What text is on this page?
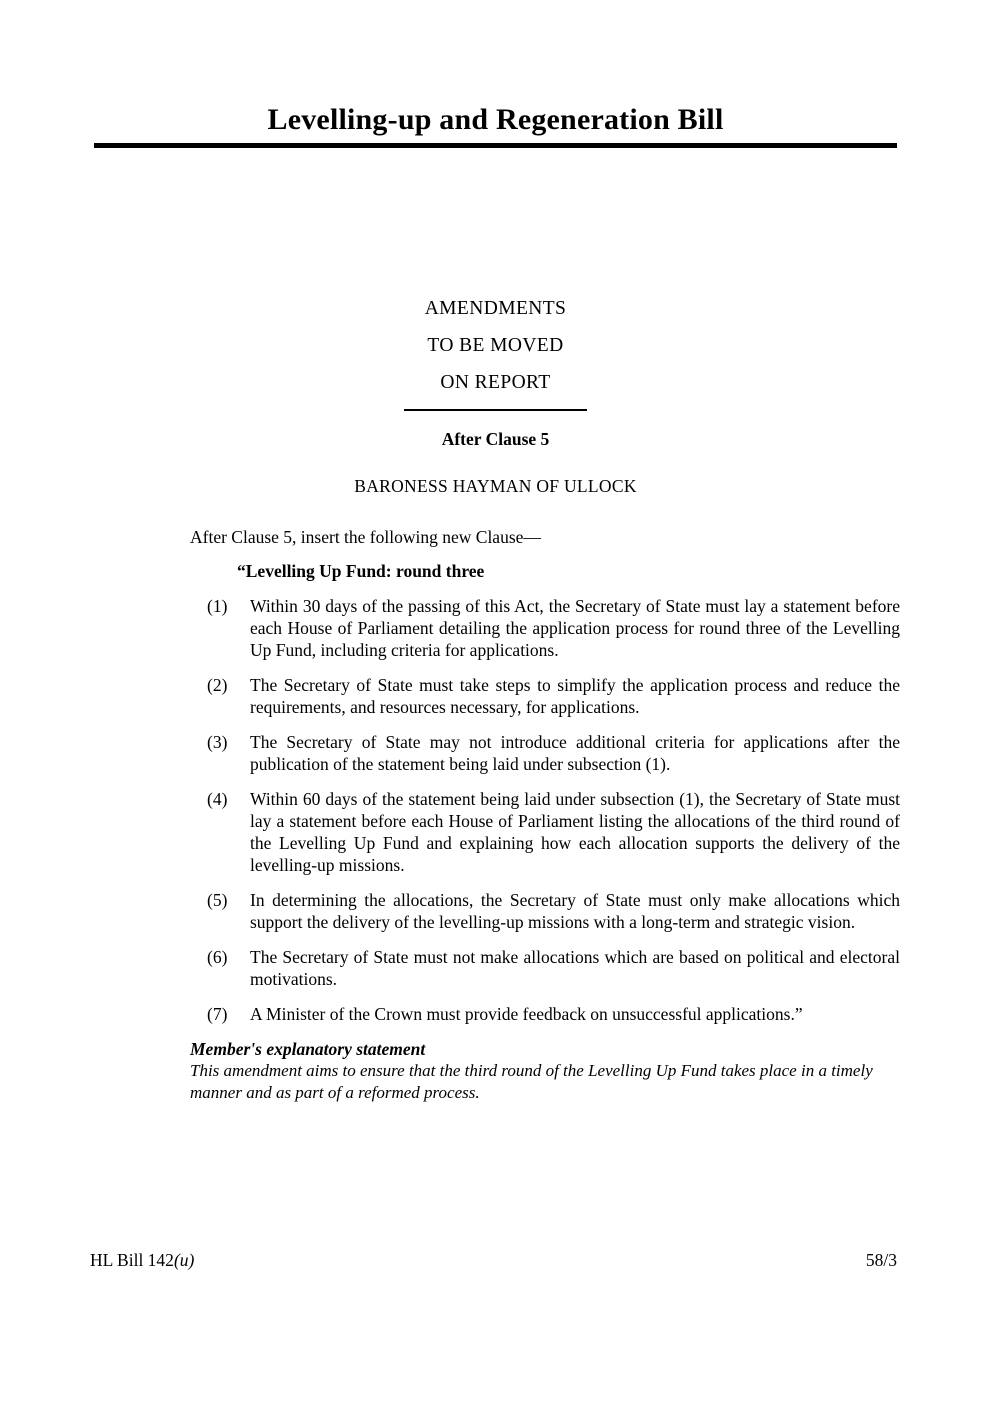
Levelling-up and Regeneration Bill
AMENDMENTS
TO BE MOVED
ON REPORT
After Clause 5
BARONESS HAYMAN OF ULLOCK

After Clause 5, insert the following new Clause—

“Levelling Up Fund: round three

(1) Within 30 days of the passing of this Act, the Secretary of State must lay a statement before each House of Parliament detailing the application process for round three of the Levelling Up Fund, including criteria for applications.

(2) The Secretary of State must take steps to simplify the application process and reduce the requirements, and resources necessary, for applications.

(3) The Secretary of State may not introduce additional criteria for applications after the publication of the statement being laid under subsection (1).

(4) Within 60 days of the statement being laid under subsection (1), the Secretary of State must lay a statement before each House of Parliament listing the allocations of the third round of the Levelling Up Fund and explaining how each allocation supports the delivery of the levelling-up missions.

(5) In determining the allocations, the Secretary of State must only make allocations which support the delivery of the levelling-up missions with a long-term and strategic vision.

(6) The Secretary of State must not make allocations which are based on political and electoral motivations.

(7) A Minister of the Crown must provide feedback on unsuccessful applications.”

Member's explanatory statement

This amendment aims to ensure that the third round of the Levelling Up Fund takes place in a timely manner and as part of a reformed process.

HL Bill 142(u)	58/3
